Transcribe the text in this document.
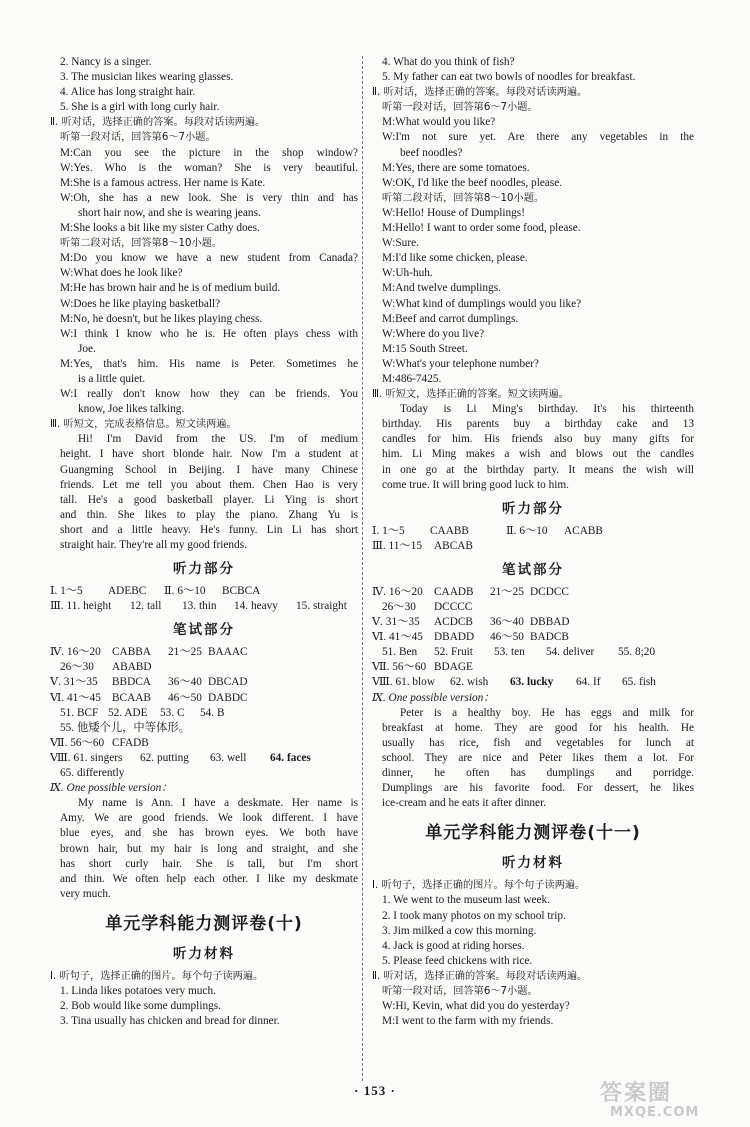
2. Nancy is a singer.
3. The musician likes wearing glasses.
4. Alice has long straight hair.
5. She is a girl with long curly hair.
Ⅱ. 听对话，选择正确的答案。每段对话读两遍。
听第一段对话，回答第6～7小题。
M:Can you see the picture in the shop window?
W:Yes. Who is the woman? She is very beautiful.
M:She is a famous actress. Her name is Kate.
W:Oh, she has a new look. She is very thin and has
short hair now, and she is wearing jeans.
M:She looks a bit like my sister Cathy does.
听第二段对话，回答第8～10小题。
M:Do you know we have a new student from Canada?
W:What does he look like?
M:He has brown hair and he is of medium build.
W:Does he like playing basketball?
M:No, he doesn't, but he likes playing chess.
W:I think I know who he is. He often plays chess with
Joe.
M:Yes, that's him. His name is Peter. Sometimes he
is a little quiet.
W:I really don't know how they can be friends. You
know, Joe likes talking.
Ⅲ. 听短文，完成表格信息。短文读两遍。
Hi! I'm David from the US. I'm of medium
height. I have short blonde hair. Now I'm a student at
Guangming School in Beijing. I have many Chinese
friends. Let me tell you about them. Chen Hao is very
tall. He's a good basketball player. Li Ying is short
and thin. She likes to play the piano. Zhang Yu is
short and a little heavy. He's funny. Lin Li has short
straight hair. They're all my good friends.
听力部分
Ⅰ. 1～5 ADEBC Ⅱ. 6～10 BCBCA
Ⅲ. 11. height 12. tall 13. thin 14. heavy 15. straight
笔试部分
Ⅳ. 16～20 CABBA 21～25 BAAAC
26～30 ABABD
Ⅴ. 31～35 BBDCA 36～40 DBCAD
Ⅵ. 41～45 BCAAB 46～50 DABDC
51. BCF 52. ADE 53. C 54. B
55. 他矮个儿，中等体形。
Ⅶ. 56～60 CFADB
Ⅷ. 61. singers 62. putting 63. well 64. faces
65. differently
Ⅸ. One possible version：
My name is Ann. I have a deskmate. Her name is
Amy. We are good friends. We look different. I have
blue eyes, and she has brown eyes. We both have
brown hair, but my hair is long and straight, and she
has short curly hair. She is tall, but I'm short
and thin. We often help each other. I like my deskmate
very much.
单元学科能力测评卷(十)
听力材料
Ⅰ. 听句子，选择正确的图片。每个句子读两遍。
1. Linda likes potatoes very much.
2. Bob would like some dumplings.
3. Tina usually has chicken and bread for dinner.
4. What do you think of fish?
5. My father can eat two bowls of noodles for breakfast.
Ⅱ. 听对话，选择正确的答案。每段对话读两遍。
听第一段对话，回答第6～7小题。
M:What would you like?
W:I'm not sure yet. Are there any vegetables in the
beef noodles?
M:Yes, there are some tomatoes.
W:OK, I'd like the beef noodles, please.
听第二段对话，回答第8～10小题。
W:Hello! House of Dumplings!
M:Hello! I want to order some food, please.
W:Sure.
M:I'd like some chicken, please.
W:Uh-huh.
M:And twelve dumplings.
W:What kind of dumplings would you like?
M:Beef and carrot dumplings.
W:Where do you live?
M:15 South Street.
W:What's your telephone number?
M:486-7425.
Ⅲ. 听短文，选择正确的答案。短文读两遍。
Today is Li Ming's birthday. It's his thirteenth
birthday. His parents buy a birthday cake and 13
candles for him. His friends also buy many gifts for
him. Li Ming makes a wish and blows out the candles
in one go at the birthday party. It means the wish will
come true. It will bring good luck to him.
听力部分
Ⅰ. 1～5 CAABB	Ⅱ. 6～10 ACABB
Ⅲ. 11～15 ABCAB
笔试部分
Ⅳ. 16～20 CAADB 21～25 DCDCC
26～30 DCCCC
Ⅴ. 31～35 ACDCB 36～40 DBBAD
Ⅵ. 41～45 DBADD 46～50 BADCB
51. Ben 52. Fruit 53. ten 54. deliver 55. 8;20
Ⅶ. 56～60 BDAGE
Ⅷ. 61. blow 62. wish 63. lucky 64. If 65. fish
Ⅸ. One possible version：
Peter is a healthy boy. He has eggs and milk for
breakfast at home. They are good for his health. He
usually has rice, fish and vegetables for lunch at
school. They are nice and Peter likes them a lot. For
dinner, he often has dumplings and porridge.
Dumplings are his favorite food. For dessert, he likes
ice-cream and he eats it after dinner.
单元学科能力测评卷(十一)
听力材料
Ⅰ. 听句子，选择正确的图片。每个句子读两遍。
1. We went to the museum last week.
2. I took many photos on my school trip.
3. Jim milked a cow this morning.
4. Jack is good at riding horses.
5. Please feed chickens with rice.
Ⅱ. 听对话，选择正确的答案。每段对话读两遍。
听第一段对话，回答第6～7小题。
W:Hi, Kevin, what did you do yesterday?
M:I went to the farm with my friends.
· 153 ·	答案圈
MXQE.COM
